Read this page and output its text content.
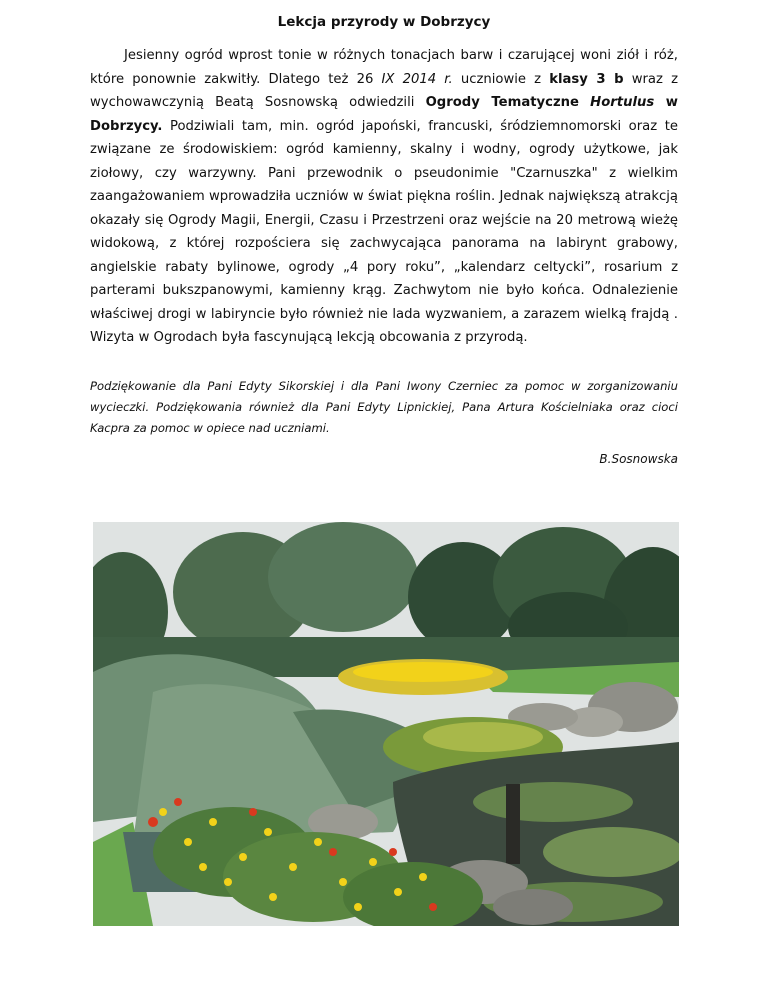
Lekcja przyrody w Dobrzycy

Jesienny ogród wprost tonie w różnych tonacjach barw i czarującej woni ziół i róż, które ponownie zakwitły. Dlatego też 26 IX 2014 r. uczniowie z klasy 3 b wraz z wychowawczynią Beatą Sosnowską odwiedzili Ogrody Tematyczne Hortulus w Dobrzycy. Podziwiali tam, min. ogród japoński, francuski, śródziemnomorski oraz te związane ze środowiskiem: ogród kamienny, skalny i wodny, ogrody użytkowe, jak ziołowy, czy warzywny. Pani przewodnik o pseudonimie "Czarnuszka" z wielkim zaangażowaniem wprowadziła uczniów w świat piękna roślin. Jednak największą atrakcją okazały się Ogrody Magii, Energii, Czasu i Przestrzeni oraz wejście na 20 metrową wieżę widokową, z której rozpościera się zachwycająca panorama na labirynt grabowy, angielskie rabaty bylinowe, ogrody „4 pory roku”, „kalendarz celtycki”, rosarium z parterami bukszpanowymi, kamienny krąg. Zachwytom nie było końca. Odnalezienie właściwej drogi w labiryncie było również nie lada wyzwaniem, a zarazem wielką frajdą . Wizyta w Ogrodach była fascynującą lekcją obcowania z przyrodą.

Podziękowanie dla Pani Edyty Sikorskiej i dla Pani Iwony Czerniec za pomoc w zorganizowaniu wycieczki. Podziękowania również dla Pani Edyty Lipnickiej, Pana Artura Kościelniaka oraz cioci Kacpra za pomoc w opiece nad uczniami.
B.Sosnowska
